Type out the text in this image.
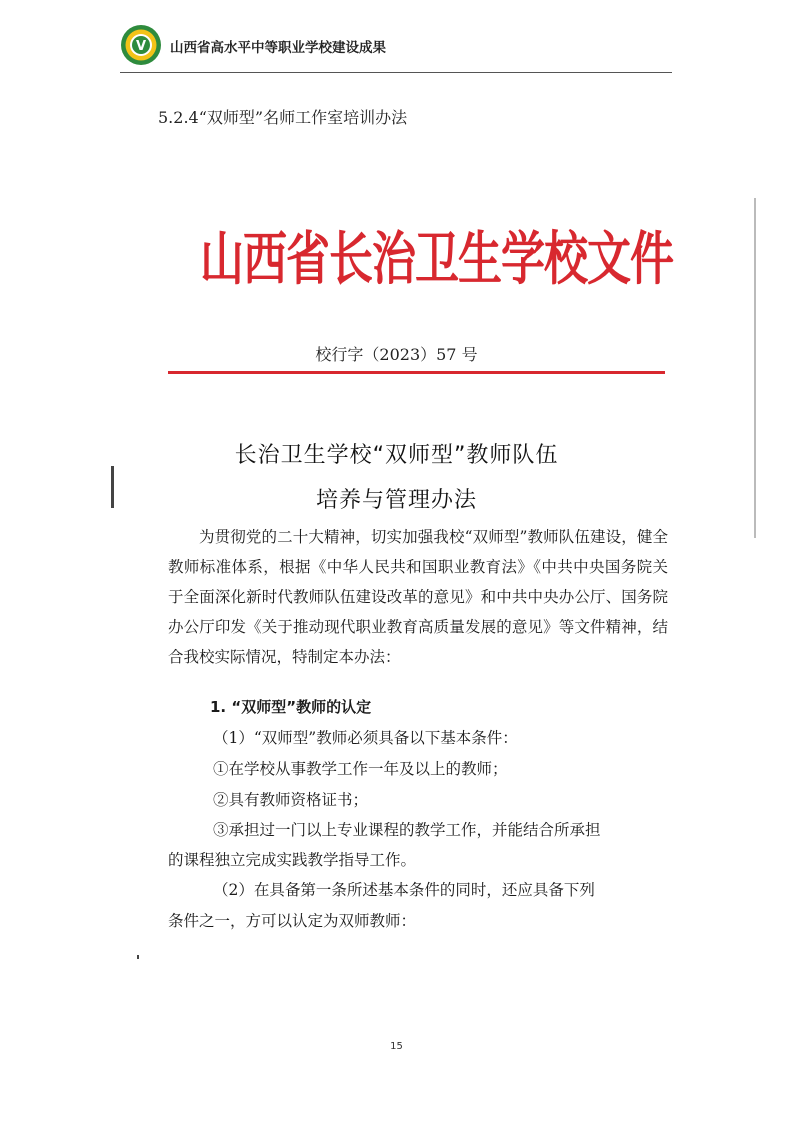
V 山西省高水平中等职业学校建设成果
5.2.4“双师型”名师工作室培训办法
山西省长治卫生学校文件
校行字（2023）57 号
长治卫生学校“双师型”教师队伍
培养与管理办法

为贯彻党的二十大精神，切实加强我校“双师型”教师队伍建设，健全教师标准体系，根据《中华人民共和国职业教育法》《中共中央国务院关于全面深化新时代教师队伍建设改革的意见》和中共中央办公厅、国务院办公厅印发《关于推动现代职业教育高质量发展的意见》等文件精神，结合我校实际情况，特制定本办法：

1. “双师型”教师的认定
（1）“双师型”教师必须具备以下基本条件：
①在学校从事教学工作一年及以上的教师；
②具有教师资格证书；
③承担过一门以上专业课程的教学工作，并能结合所承担
的课程独立完成实践教学指导工作。
（2）在具备第一条所述基本条件的同时，还应具备下列
条件之一，方可以认定为双师教师：
15
